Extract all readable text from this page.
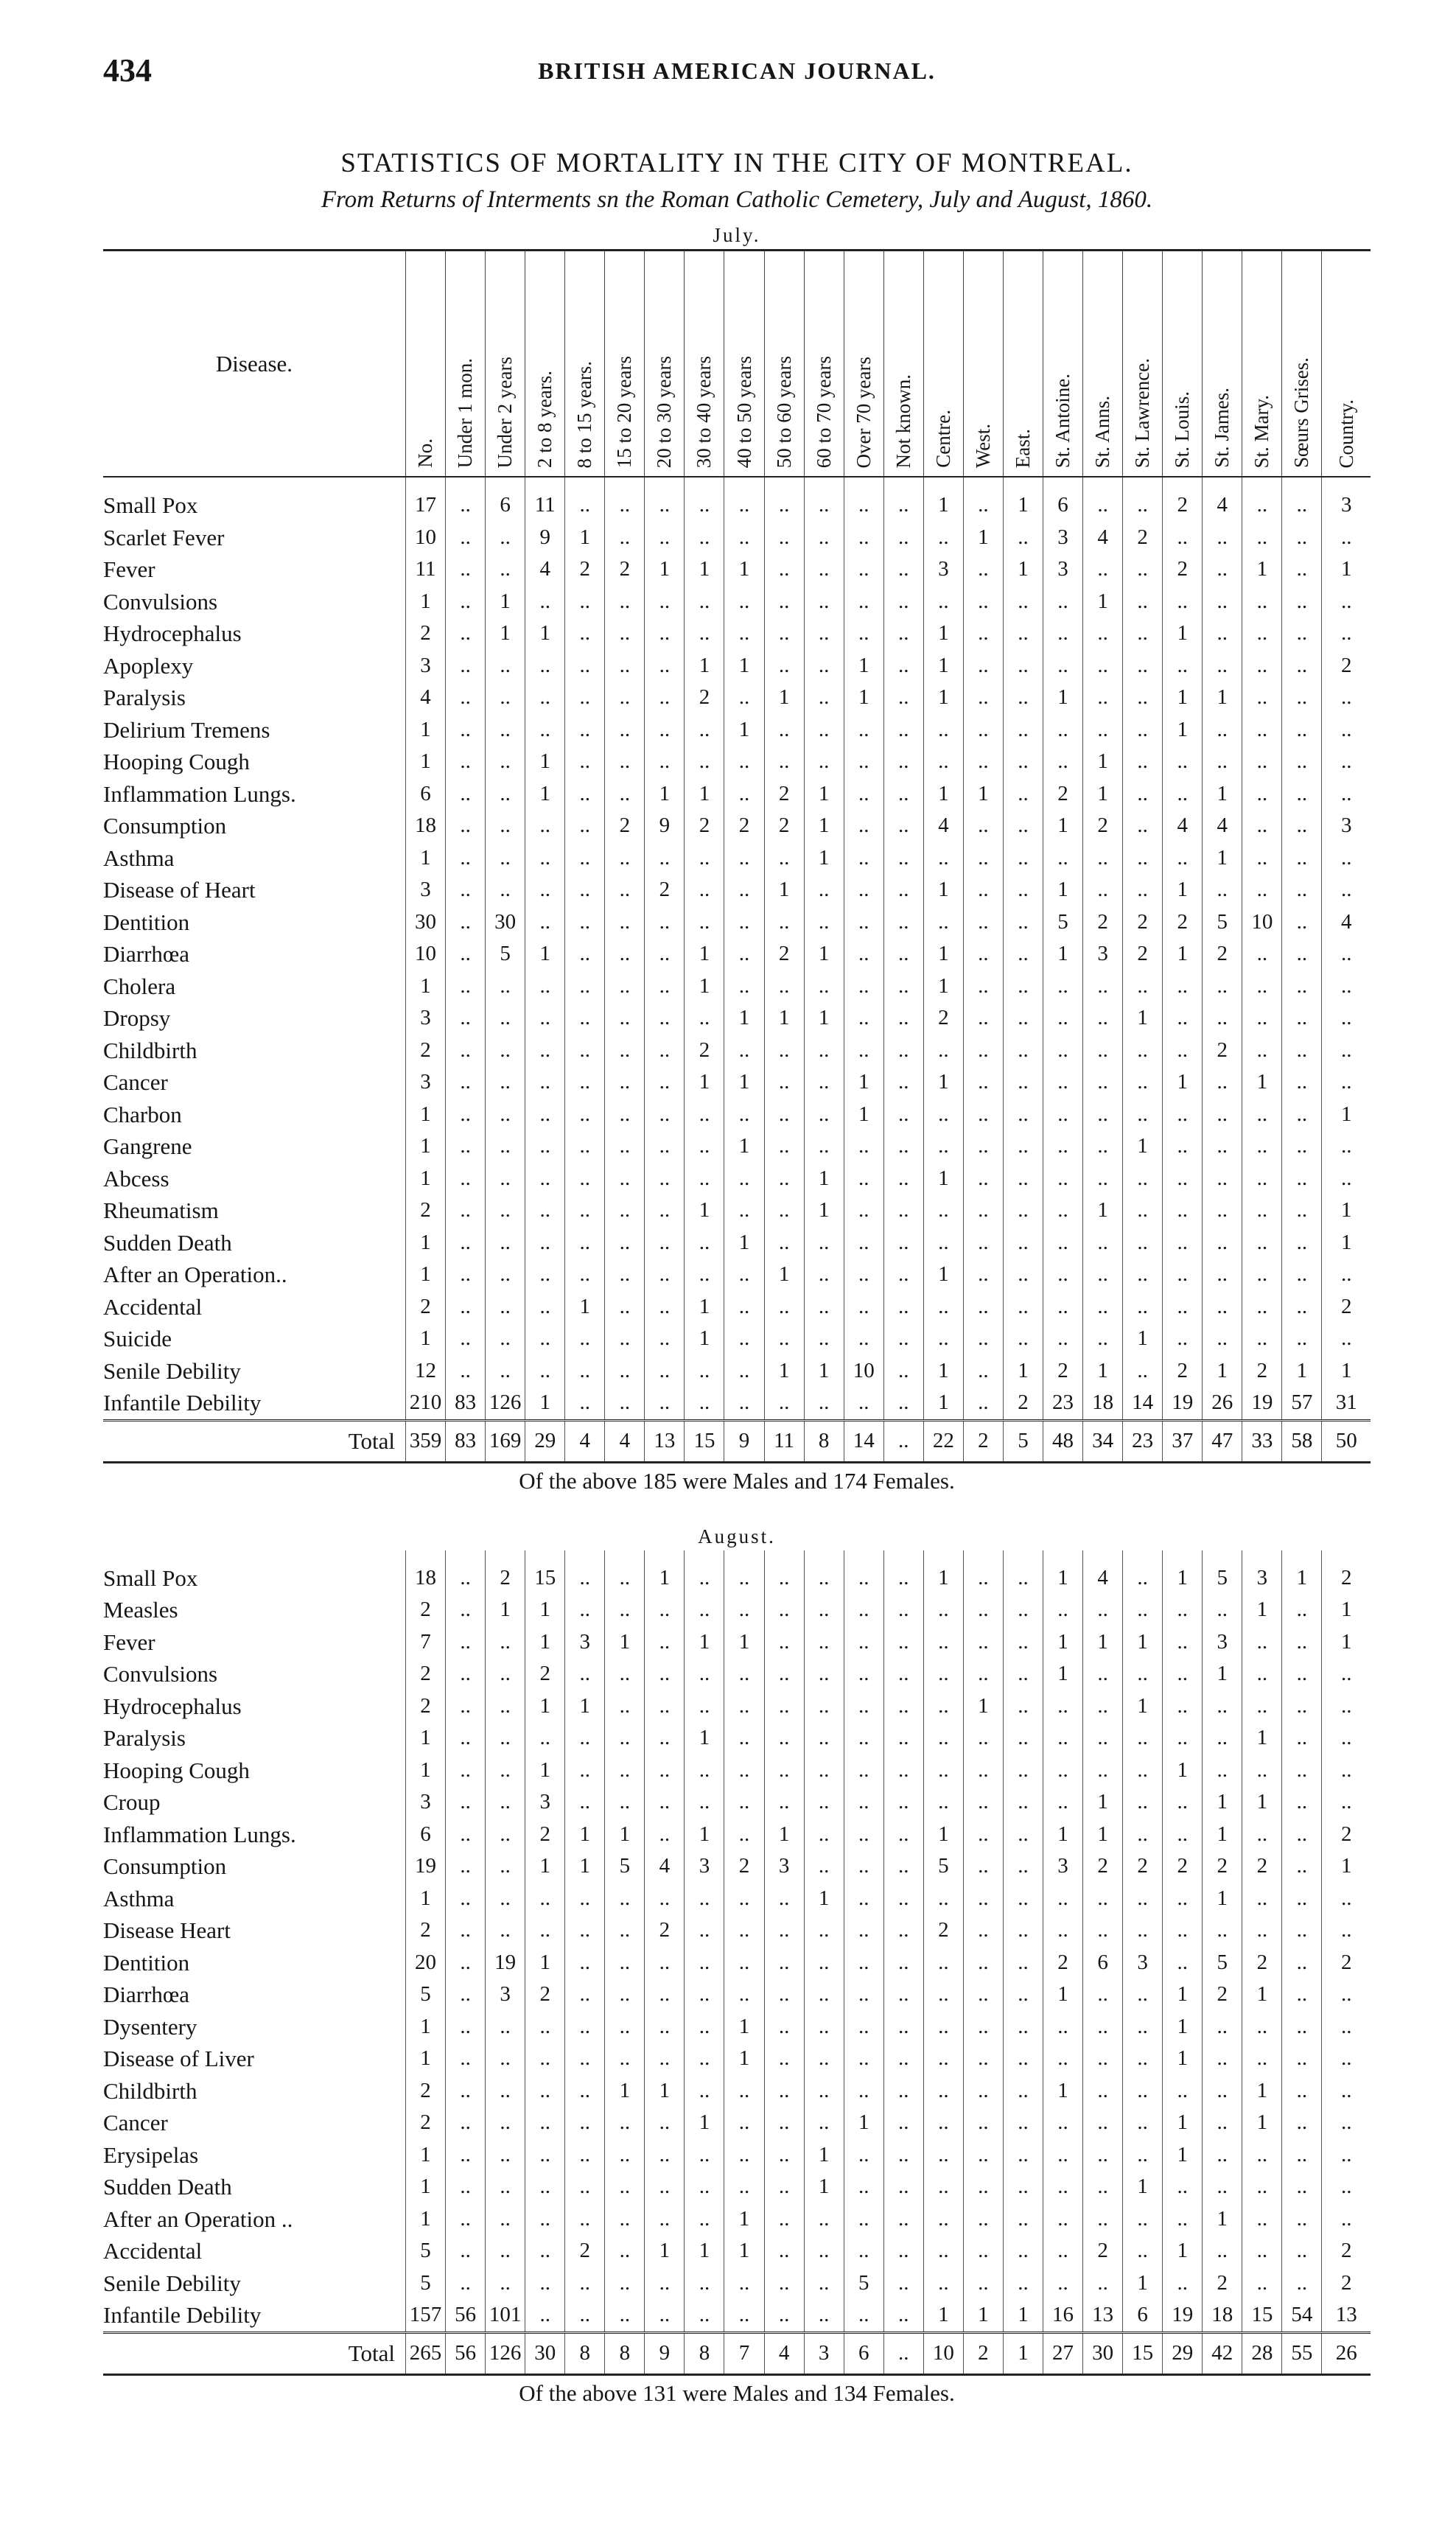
434	BRITISH AMERICAN JOURNAL.
STATISTICS OF MORTALITY IN THE CITY OF MONTREAL.
From Returns of Interments sn the Roman Catholic Cemetery, July and August, 1860.
July.
Disease.	No.	Under 1 mon.	Under 2 years	2 to 8 years.	8 to 15 years.	15 to 20 years	20 to 30 years	30 to 40 years	40 to 50 years	50 to 60 years	60 to 70 years	Over 70 years	Not known.	Centre.	West.	East.	St. Antoine.	St. Anns.	St. Lawrence.	St. Louis.	St. James.	St. Mary.	Sœurs Grises.	Country.

Small Pox	17	..	6	11	..	..	..	..	..	..	..	..	..	1	..	1	6	..	..	2	4	..	..	3
Scarlet Fever	10	..	..	9	1	..	..	..	..	..	..	..	..	..	1	..	3	4	2	..	..	..	..	..
Fever	11	..	..	4	2	2	1	1	1	..	..	..	..	3	..	1	3	..	..	2	..	1	..	1
Convulsions	1	..	1	..	..	..	..	..	..	..	..	..	..	..	..	..	..	1	..	..	..	..	..	..
Hydrocephalus	2	..	1	1	..	..	..	..	..	..	..	..	..	1	..	..	..	..	..	1	..	..	..	..
Apoplexy	3	..	..	..	..	..	..	1	1	..	..	1	..	1	..	..	..	..	..	..	..	..	..	2
Paralysis	4	..	..	..	..	..	..	2	..	1	..	1	..	1	..	..	1	..	..	1	1	..	..	..
Delirium Tremens	1	..	..	..	..	..	..	..	1	..	..	..	..	..	..	..	..	..	..	1	..	..	..	..
Hooping Cough	1	..	..	1	..	..	..	..	..	..	..	..	..	..	..	..	..	1	..	..	..	..	..	..
Inflammation Lungs.	6	..	..	1	..	..	1	1	..	2	1	..	..	1	1	..	2	1	..	..	1	..	..	..
Consumption	18	..	..	..	..	2	9	2	2	2	1	..	..	4	..	..	1	2	..	4	4	..	..	3
Asthma	1	..	..	..	..	..	..	..	..	..	1	..	..	..	..	..	..	..	..	..	1	..	..	..
Disease of Heart	3	..	..	..	..	..	2	..	..	1	..	..	..	1	..	..	1	..	..	1	..	..	..	..
Dentition	30	..	30	..	..	..	..	..	..	..	..	..	..	..	..	..	5	2	2	2	5	10	..	4
Diarrhœa	10	..	5	1	..	..	..	1	..	2	1	..	..	1	..	..	1	3	2	1	2	..	..	..
Cholera	1	..	..	..	..	..	..	1	..	..	..	..	..	1	..	..	..	..	..	..	..	..	..	..
Dropsy	3	..	..	..	..	..	..	..	1	1	1	..	..	2	..	..	..	..	1	..	..	..	..	..
Childbirth	2	..	..	..	..	..	..	2	..	..	..	..	..	..	..	..	..	..	..	..	2	..	..	..
Cancer	3	..	..	..	..	..	..	1	1	..	..	1	..	1	..	..	..	..	..	1	..	1	..	..
Charbon	1	..	..	..	..	..	..	..	..	..	..	1	..	..	..	..	..	..	..	..	..	..	..	1
Gangrene	1	..	..	..	..	..	..	..	1	..	..	..	..	..	..	..	..	..	1	..	..	..	..	..
Abcess	1	..	..	..	..	..	..	..	..	..	1	..	..	1	..	..	..	..	..	..	..	..	..	..
Rheumatism	2	..	..	..	..	..	..	1	..	..	1	..	..	..	..	..	..	1	..	..	..	..	..	1
Sudden Death	1	..	..	..	..	..	..	..	1	..	..	..	..	..	..	..	..	..	..	..	..	..	..	1
After an Operation..	1	..	..	..	..	..	..	..	..	1	..	..	..	1	..	..	..	..	..	..	..	..	..	..
Accidental	2	..	..	..	1	..	..	1	..	..	..	..	..	..	..	..	..	..	..	..	..	..	..	2
Suicide	1	..	..	..	..	..	..	1	..	..	..	..	..	..	..	..	..	..	1	..	..	..	..	..
Senile Debility	12	..	..	..	..	..	..	..	..	1	1	10	..	1	..	1	2	1	..	2	1	2	1	1
Infantile Debility	210	83	126	1	..	..	..	..	..	..	..	..	..	1	..	2	23	18	14	19	26	19	57	31
Total	359	83	169	29	4	4	13	15	9	11	8	14	..	22	2	5	48	34	23	37	47	33	58	50
Of the above 185 were Males and 174 Females.
August.

Small Pox	18	..	2	15	..	..	1	..	..	..	..	..	..	1	..	..	1	4	..	1	5	3	1	2
Measles	2	..	1	1	..	..	..	..	..	..	..	..	..	..	..	..	..	..	..	..	..	1	..	1
Fever	7	..	..	1	3	1	..	1	1	..	..	..	..	..	..	..	1	1	1	..	3	..	..	1
Convulsions	2	..	..	2	..	..	..	..	..	..	..	..	..	..	..	..	1	..	..	..	1	..	..	..
Hydrocephalus	2	..	..	1	1	..	..	..	..	..	..	..	..	..	1	..	..	..	1	..	..	..	..	..
Paralysis	1	..	..	..	..	..	..	1	..	..	..	..	..	..	..	..	..	..	..	..	..	1	..	..
Hooping Cough	1	..	..	1	..	..	..	..	..	..	..	..	..	..	..	..	..	..	..	1	..	..	..	..
Croup	3	..	..	3	..	..	..	..	..	..	..	..	..	..	..	..	..	1	..	..	1	1	..	..
Inflammation Lungs.	6	..	..	2	1	1	..	1	..	1	..	..	..	1	..	..	1	1	..	..	1	..	..	2
Consumption	19	..	..	1	1	5	4	3	2	3	..	..	..	5	..	..	3	2	2	2	2	2	..	1
Asthma	1	..	..	..	..	..	..	..	..	..	1	..	..	..	..	..	..	..	..	..	1	..	..	..
Disease Heart	2	..	..	..	..	..	2	..	..	..	..	..	..	2	..	..	..	..	..	..	..	..	..	..
Dentition	20	..	19	1	..	..	..	..	..	..	..	..	..	..	..	..	2	6	3	..	5	2	..	2
Diarrhœa	5	..	3	2	..	..	..	..	..	..	..	..	..	..	..	..	1	..	..	1	2	1	..	..
Dysentery	1	..	..	..	..	..	..	..	1	..	..	..	..	..	..	..	..	..	..	1	..	..	..	..
Disease of Liver	1	..	..	..	..	..	..	..	1	..	..	..	..	..	..	..	..	..	..	1	..	..	..	..
Childbirth	2	..	..	..	..	1	1	..	..	..	..	..	..	..	..	..	1	..	..	..	..	1	..	..
Cancer	2	..	..	..	..	..	..	1	..	..	..	1	..	..	..	..	..	..	..	1	..	1	..	..
Erysipelas	1	..	..	..	..	..	..	..	..	..	1	..	..	..	..	..	..	..	..	1	..	..	..	..
Sudden Death	1	..	..	..	..	..	..	..	..	..	1	..	..	..	..	..	..	..	1	..	..	..	..	..
After an Operation ..	1	..	..	..	..	..	..	..	1	..	..	..	..	..	..	..	..	..	..	..	1	..	..	..
Accidental	5	..	..	..	2	..	1	1	1	..	..	..	..	..	..	..	..	2	..	1	..	..	..	2
Senile Debility	5	..	..	..	..	..	..	..	..	..	..	5	..	..	..	..	..	..	1	..	2	..	..	2
Infantile Debility	157	56	101	..	..	..	..	..	..	..	..	..	..	1	1	1	16	13	6	19	18	15	54	13
Total	265	56	126	30	8	8	9	8	7	4	3	6	..	10	2	1	27	30	15	29	42	28	55	26
Of the above 131 were Males and 134 Females.
